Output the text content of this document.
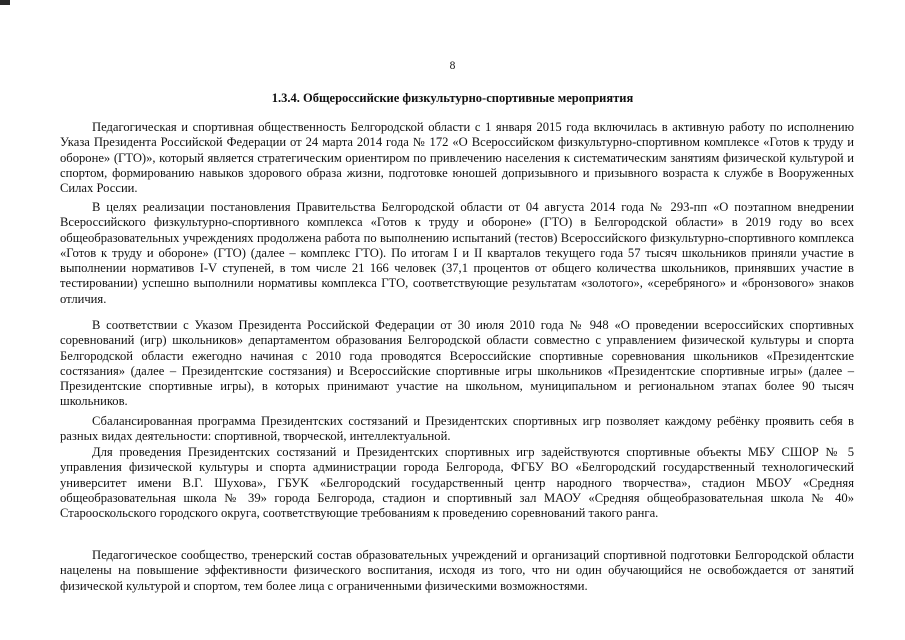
8
1.3.4. Общероссийские физкультурно-спортивные мероприятия

Педагогическая и спортивная общественность Белгородской области с 1 января 2015 года включилась в активную работу по исполнению Указа Президента Российской Федерации от 24 марта 2014 года № 172 «О Всероссийском физкультурно-спортивном комплексе «Готов к труду и обороне» (ГТО)», который является стратегическим ориентиром по привлечению населения к систематическим занятиям физической культурой и спортом, формированию навыков здорового образа жизни, подготовке юношей допризывного и призывного возраста к службе в Вооруженных Силах России.

В целях реализации постановления Правительства Белгородской области от 04 августа 2014 года № 293-пп «О поэтапном внедрении Всероссийского физкультурно-спортивного комплекса «Готов к труду и обороне» (ГТО) в Белгородской области» в 2019 году во всех общеобразовательных учреждениях продолжена работа по выполнению испытаний (тестов) Всероссийского физкультурно-спортивного комплекса «Готов к труду и обороне» (ГТО) (далее – комплекс ГТО). По итогам I и II кварталов текущего года 57 тысяч школьников приняли участие в выполнении нормативов I-V ступеней, в том числе 21 166 человек (37,1 процентов от общего количества школьников, принявших участие в тестировании) успешно выполнили нормативы комплекса ГТО, соответствующие результатам «золотого», «серебряного» и «бронзового» знаков отличия.

В соответствии с Указом Президента Российской Федерации от 30 июля 2010 года № 948 «О проведении всероссийских спортивных соревнований (игр) школьников» департаментом образования Белгородской области совместно с управлением физической культуры и спорта Белгородской области ежегодно начиная с 2010 года проводятся Всероссийские спортивные соревнования школьников «Президентские состязания» (далее – Президентские состязания) и Всероссийские спортивные игры школьников «Президентские спортивные игры» (далее – Президентские спортивные игры), в которых принимают участие на школьном, муниципальном и региональном этапах более 90 тысяч школьников.

Сбалансированная программа Президентских состязаний и Президентских спортивных игр позволяет каждому ребёнку проявить себя в разных видах деятельности: спортивной, творческой, интеллектуальной.

Для проведения Президентских состязаний и Президентских спортивных игр задействуются спортивные объекты МБУ СШОР № 5 управления физической культуры и спорта администрации города Белгорода, ФГБУ ВО «Белгородский государственный технологический университет имени В.Г. Шухова», ГБУК «Белгородский государственный центр народного творчества», стадион МБОУ «Средняя общеобразовательная школа № 39» города Белгорода, стадион и спортивный зал МАОУ «Средняя общеобразовательная школа № 40» Старооскольского городского округа, соответствующие требованиям к проведению соревнований такого ранга.

Педагогическое сообщество, тренерский состав образовательных учреждений и организаций спортивной подготовки Белгородской области нацелены на повышение эффективности физического воспитания, исходя из того, что ни один обучающийся не освобождается от занятий физической культурой и спортом, тем более лица с ограниченными физическими возможностями.
